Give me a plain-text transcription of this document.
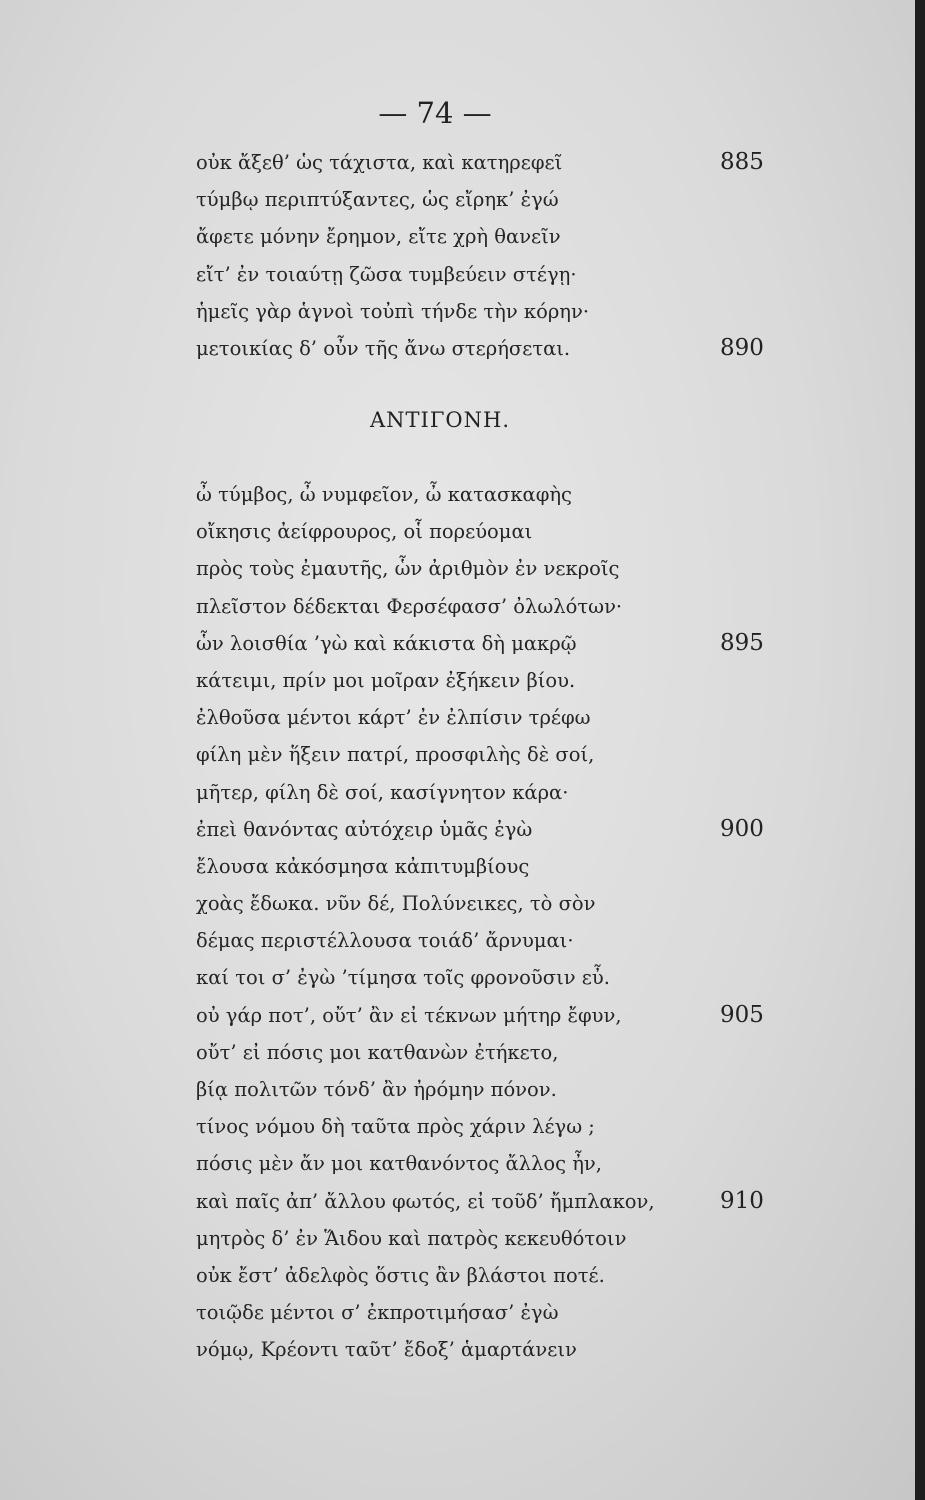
— 74 —
οὐκ ἄξεθ’ ὡς τάχιστα, καὶ κατηρεφεῖ	885
τύμβῳ περιπτύξαντες, ὡς εἴρηκ’ ἐγώ
ἄφετε μόνην ἔρημον, εἴτε χρὴ θανεῖν
εἴτ’ ἐν τοιαύτῃ ζῶσα τυμβεύειν στέγῃ·
ἡμεῖς γὰρ ἁγνοὶ τοὐπὶ τήνδε τὴν κόρην·
μετοικίας δ’ οὖν τῆς ἄνω στερήσεται.	890
ΑΝΤΙΓΟΝΗ.
ὦ τύμβος, ὦ νυμφεῖον, ὦ κατασκαφὴς
οἴκησις ἀείφρουρος, οἷ πορεύομαι
πρὸς τοὺς ἐμαυτῆς, ὧν ἀριθμὸν ἐν νεκροῖς
πλεῖστον δέδεκται Φερσέφασσ’ ὀλωλότων·
ὧν λοισθία ’γὼ καὶ κάκιστα δὴ μακρῷ	895
κάτειμι, πρίν μοι μοῖραν ἐξήκειν βίου.
ἐλθοῦσα μέντοι κάρτ’ ἐν ἐλπίσιν τρέφω
φίλη μὲν ἥξειν πατρί, προσφιλὴς δὲ σοί,
μῆτερ, φίλη δὲ σοί, κασίγνητον κάρα·
ἐπεὶ θανόντας αὐτόχειρ ὑμᾶς ἐγὼ	900
ἔλουσα κἀκόσμησα κἀπιτυμβίους
χοὰς ἔδωκα. νῦν δέ, Πολύνεικες, τὸ σὸν
δέμας περιστέλλουσα τοιάδ’ ἄρνυμαι·
καί τοι σ’ ἐγὼ ’τίμησα τοῖς φρονοῦσιν εὖ.
οὐ γάρ ποτ’, οὔτ’ ἂν εἰ τέκνων μήτηρ ἔφυν,	905
οὔτ’ εἰ πόσις μοι κατθανὼν ἐτήκετο,
βίᾳ πολιτῶν τόνδ’ ἂν ἠρόμην πόνον.
τίνος νόμου δὴ ταῦτα πρὸς χάριν λέγω ;
πόσις μὲν ἄν μοι κατθανόντος ἄλλος ἦν,
καὶ παῖς ἀπ’ ἄλλου φωτός, εἰ τοῦδ’ ἤμπλακον,	910
μητρὸς δ’ ἐν Ἅιδου καὶ πατρὸς κεκευθότοιν
οὐκ ἔστ’ ἀδελφὸς ὅστις ἂν βλάστοι ποτέ.
τοιῷδε μέντοι σ’ ἐκπροτιμήσασ’ ἐγὼ
νόμῳ, Κρέοντι ταῦτ’ ἔδοξ’ ἁμαρτάνειν
